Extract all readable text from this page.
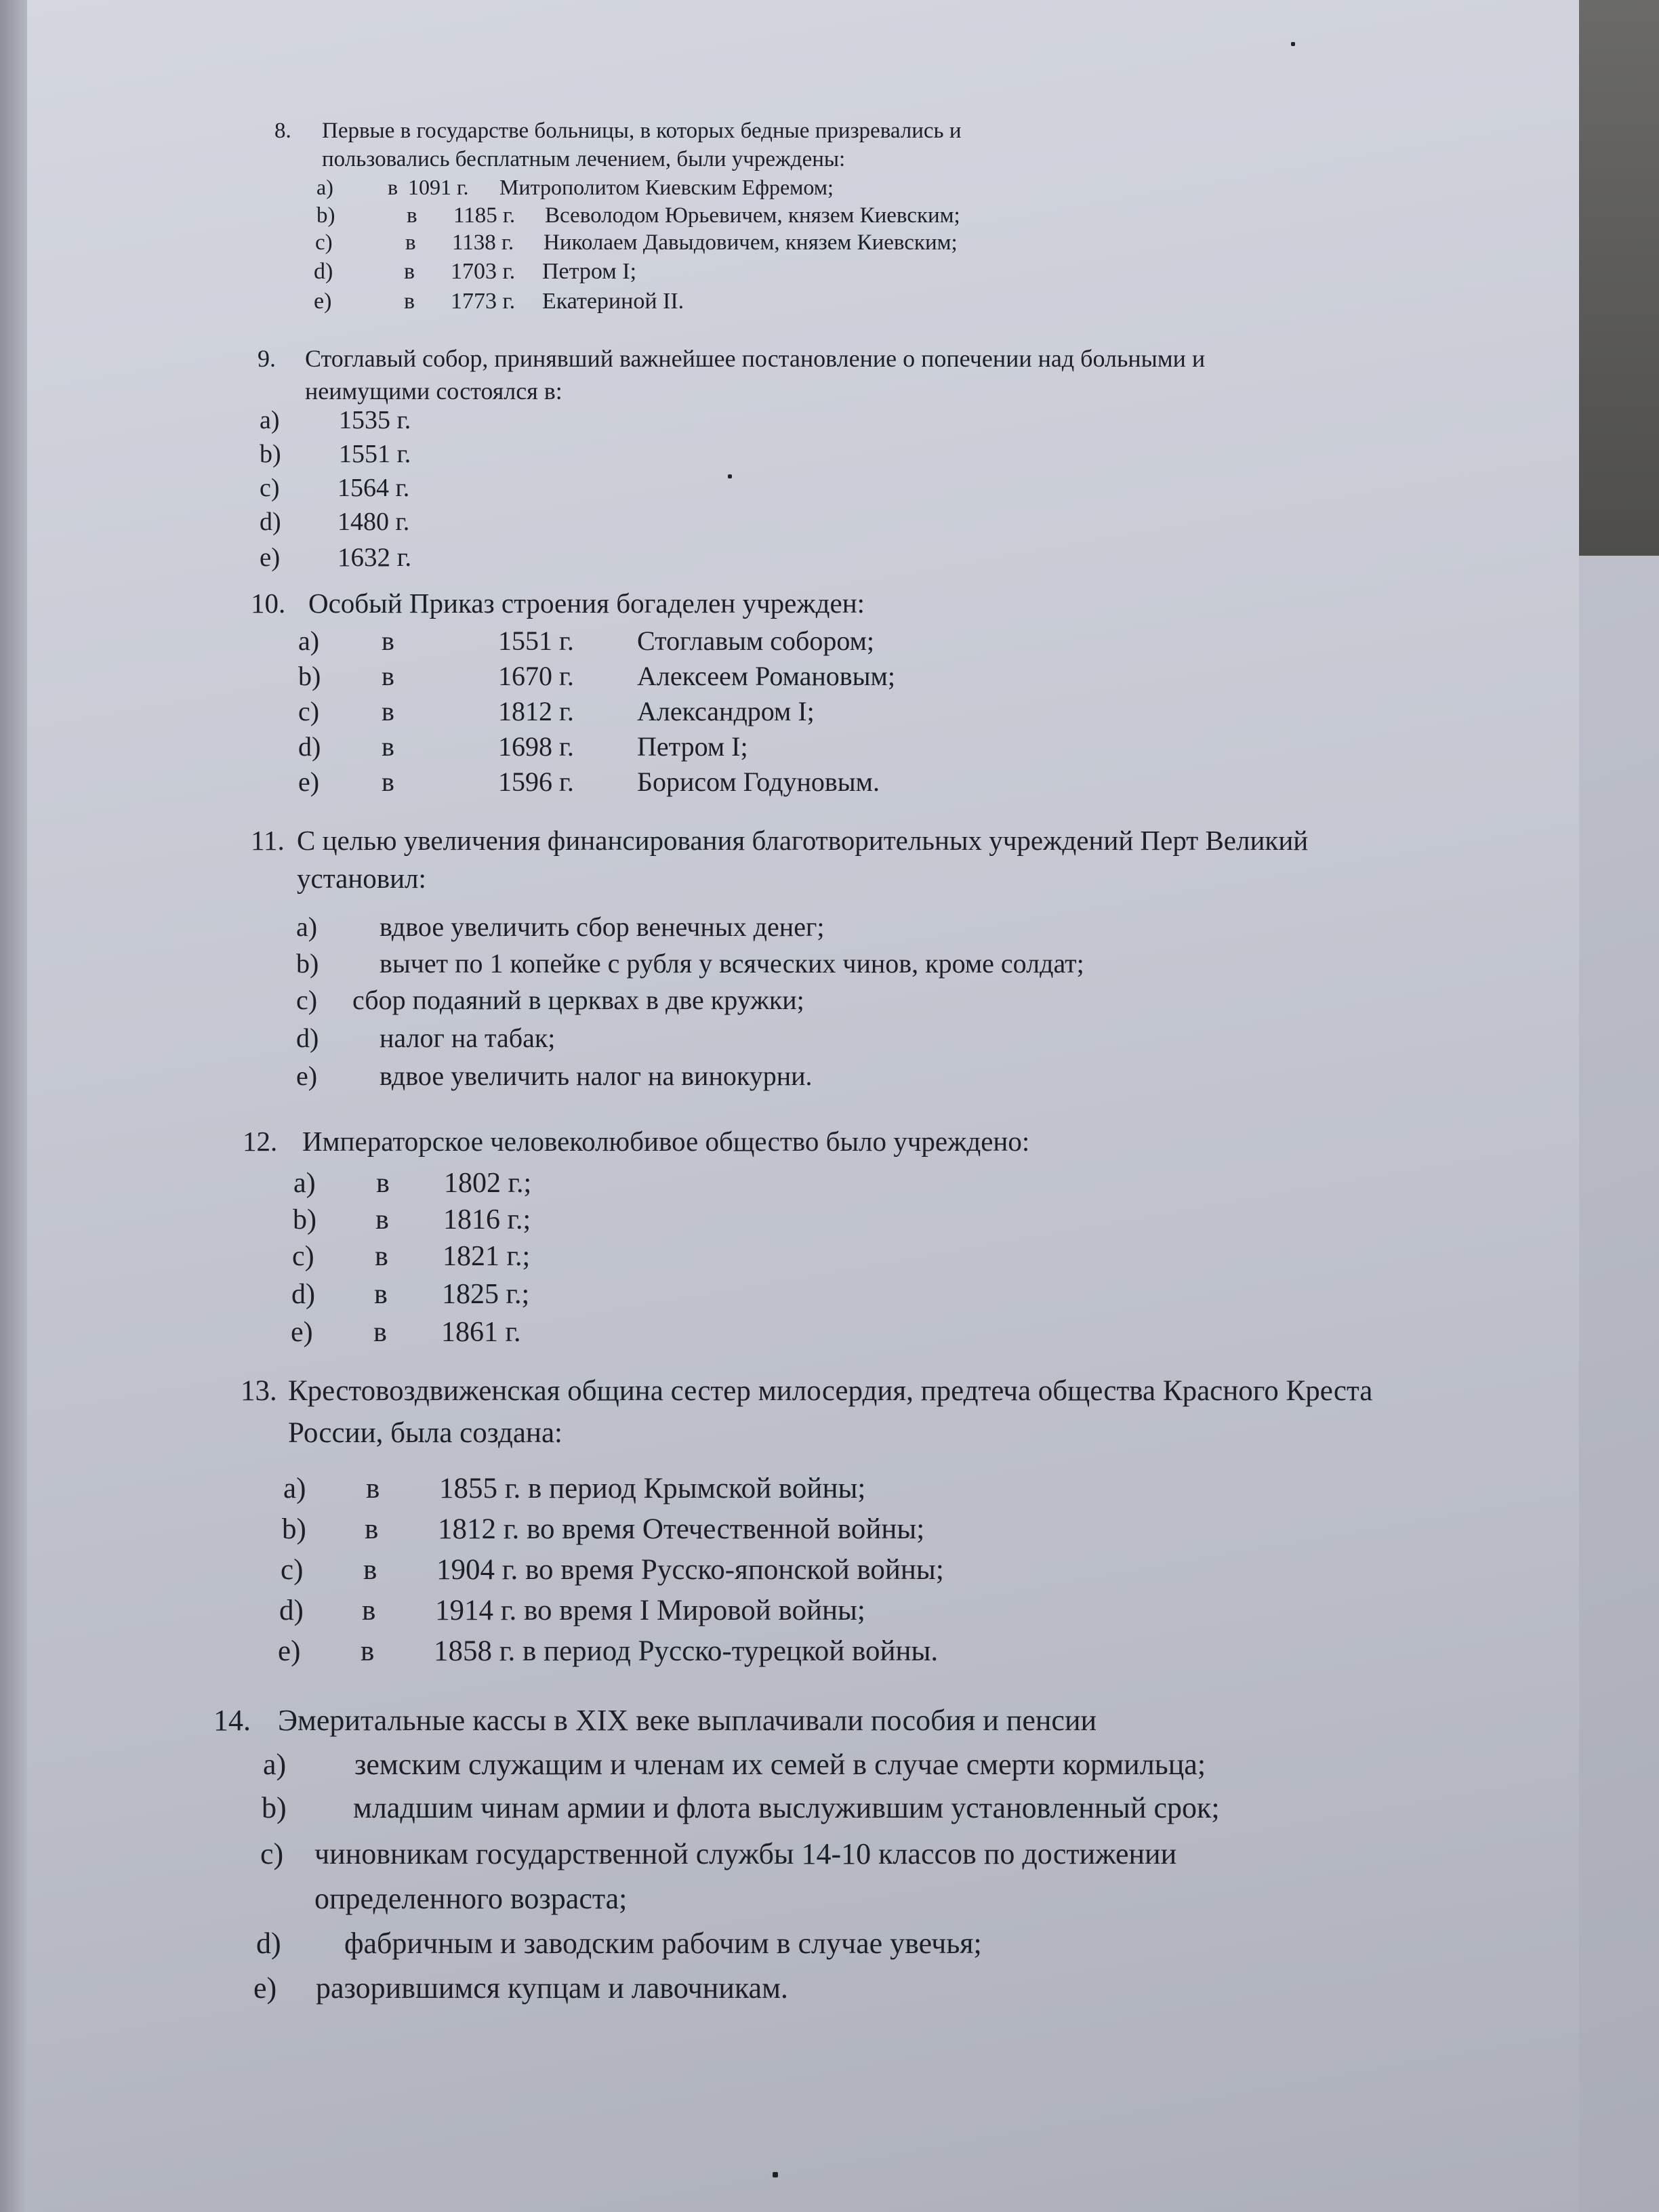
8.	Первые в государстве больницы, в которых бедные призревались и
пользовались бесплатным лечением, были учреждены:
a)	в 1091 г. Митрополитом Киевским Ефремом;
b)	в 1185 г. Всеволодом Юрьевичем, князем Киевским;
c)	в 1138 г. Николаем Давыдовичем, князем Киевским;
d)	в 1703 г. Петром I;
e)	в 1773 г. Екатериной II.
9.	Стоглавый собор, принявший важнейшее постановление о попечении над больными и
неимущими состоялся в:
a) 1535 г.
b) 1551 г.
c) 1564 г.
d) 1480 г.
e) 1632 г.
10. Особый Приказ строения богаделен учрежден:
a) в	1551 г. Стоглавым собором;
b) в	1670 г. Алексеем Романовым;
c) в	1812 г. Александром I;
d) в	1698 г. Петром I;
e) в	1596 г. Борисом Годуновым.
11. С целью увеличения финансирования благотворительных учреждений Перт Великий
установил:
a) вдвое увеличить сбор венечных денег;
b) вычет по 1 копейке с рубля у всяческих чинов, кроме солдат;
c) сбор подаяний в церквах в две кружки;
d) налог на табак;
e) вдвое увеличить налог на винокурни.
12. Императорское человеколюбивое общество было учреждено:
a) в 1802 г.;
b) в 1816 г.;
c) в 1821 г.;
d) в 1825 г.;
e) в 1861 г.
13. Крестовоздвиженская община сестер милосердия, предтеча общества Красного Креста
России, была создана:
a) в 1855 г. в период Крымской войны;
b) в 1812 г. во время Отечественной войны;
c) в 1904 г. во время Русско-японской войны;
d) в 1914 г. во время I Мировой войны;
e) в 1858 г. в период Русско-турецкой войны.
14. Эмеритальные кассы в XIX веке выплачивали пособия и пенсии
a) земским служащим и членам их семей в случае смерти кормильца;
b) младшим чинам армии и флота выслужившим установленный срок;
c) чиновникам государственной службы 14-10 классов по достижении
определенного возраста;
d) фабричным и заводским рабочим в случае увечья;
e) разорившимся купцам и лавочникам.
